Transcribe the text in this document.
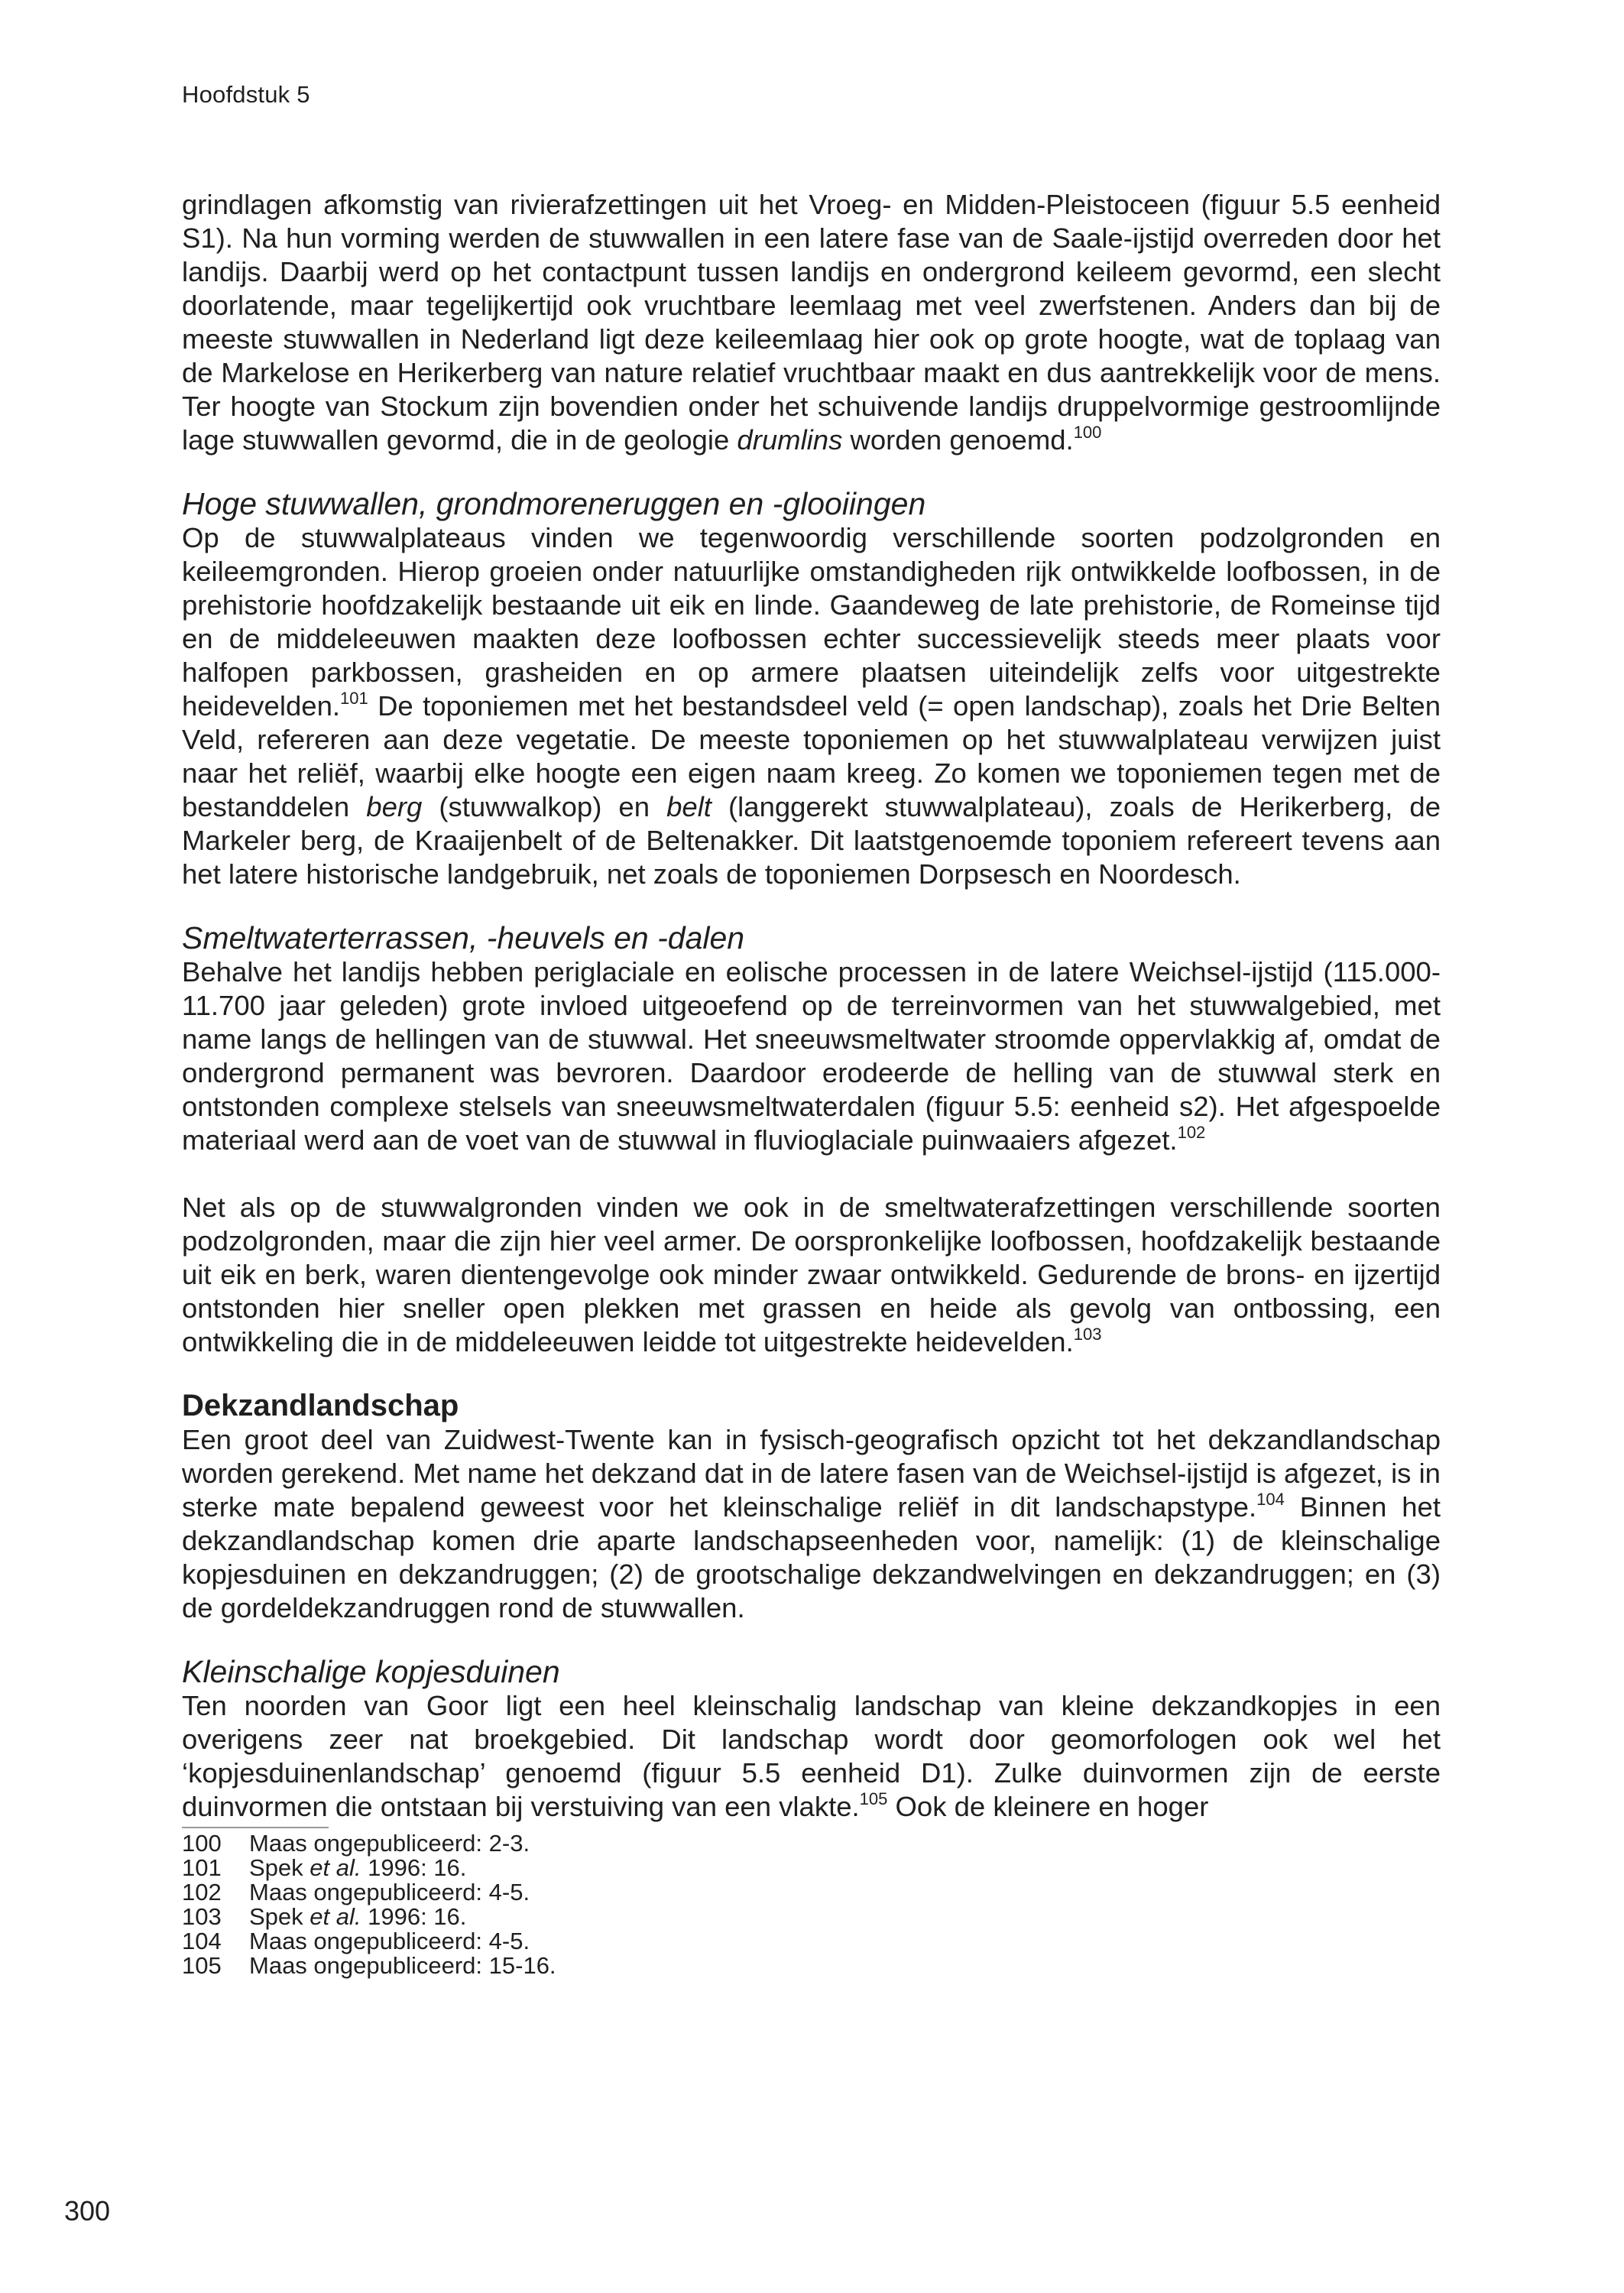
Hoofdstuk 5

grindlagen afkomstig van rivierafzettingen uit het Vroeg- en Midden-Pleistoceen (figuur 5.5 eenheid S1). Na hun vorming werden de stuwwallen in een latere fase van de Saale-ijstijd overreden door het landijs. Daarbij werd op het contactpunt tussen landijs en ondergrond keileem gevormd, een slecht doorlatende, maar tegelijkertijd ook vruchtbare leemlaag met veel zwerfstenen. Anders dan bij de meeste stuwwallen in Nederland ligt deze keileemlaag hier ook op grote hoogte, wat de toplaag van de Markelose en Herikerberg van nature relatief vruchtbaar maakt en dus aantrekkelijk voor de mens. Ter hoogte van Stockum zijn bovendien onder het schuivende landijs druppelvormige gestroomlijnde lage stuwwallen gevormd, die in de geologie drumlins worden genoemd.$^{100}$

Hoge stuwwallen, grondmoreneruggen en -glooiingen

Op de stuwwalplateaus vinden we tegenwoordig verschillende soorten podzolgronden en keileemgronden. Hierop groeien onder natuurlijke omstandigheden rijk ontwikkelde loofbossen, in de prehistorie hoofdzakelijk bestaande uit eik en linde. Gaandeweg de late prehistorie, de Romeinse tijd en de middeleeuwen maakten deze loofbossen echter successievelijk steeds meer plaats voor halfopen parkbossen, grasheiden en op armere plaatsen uiteindelijk zelfs voor uitgestrekte heidevelden.$^{101}$ De toponiemen met het bestandsdeel veld (= open landschap), zoals het Drie Belten Veld, refereren aan deze vegetatie. De meeste toponiemen op het stuwwalplateau verwijzen juist naar het reliëf, waarbij elke hoogte een eigen naam kreeg. Zo komen we toponiemen tegen met de bestanddelen berg (stuwwalkop) en belt (langgerekt stuwwalplateau), zoals de Herikerberg, de Markeler berg, de Kraaijenbelt of de Beltenakker. Dit laatstgenoemde toponiem refereert tevens aan het latere historische landgebruik, net zoals de toponiemen Dorpsesch en Noordesch.

Smeltwaterterrassen, -heuvels en -dalen

Behalve het landijs hebben periglaciale en eolische processen in de latere Weichsel-ijstijd (115.000-11.700 jaar geleden) grote invloed uitgeoefend op de terreinvormen van het stuwwalgebied, met name langs de hellingen van de stuwwal. Het sneeuwsmeltwater stroomde oppervlakkig af, omdat de ondergrond permanent was bevroren. Daardoor erodeerde de helling van de stuwwal sterk en ontstonden complexe stelsels van sneeuwsmeltwaterdalen (figuur 5.5: eenheid s2). Het afgespoelde materiaal werd aan de voet van de stuwwal in fluvioglaciale puinwaaiers afgezet.$^{102}$

Net als op de stuwwalgronden vinden we ook in de smeltwaterafzettingen verschillende soorten podzolgronden, maar die zijn hier veel armer. De oorspronkelijke loofbossen, hoofdzakelijk bestaande uit eik en berk, waren dientengevolge ook minder zwaar ontwikkeld. Gedurende de brons- en ijzertijd ontstonden hier sneller open plekken met grassen en heide als gevolg van ontbossing, een ontwikkeling die in de middeleeuwen leidde tot uitgestrekte heidevelden.$^{103}$

Dekzandlandschap

Een groot deel van Zuidwest-Twente kan in fysisch-geografisch opzicht tot het dekzandlandschap worden gerekend. Met name het dekzand dat in de latere fasen van de Weichsel-ijstijd is afgezet, is in sterke mate bepalend geweest voor het kleinschalige reliëf in dit landschapstype.$^{104}$ Binnen het dekzandlandschap komen drie aparte landschapseenheden voor, namelijk: (1) de kleinschalige kopjesduinen en dekzandruggen; (2) de grootschalige dekzandwelvingen en dekzandruggen; en (3) de gordeldekzandruggen rond de stuwwallen.

Kleinschalige kopjesduinen

Ten noorden van Goor ligt een heel kleinschalig landschap van kleine dekzandkopjes in een overigens zeer nat broekgebied. Dit landschap wordt door geomorfologen ook wel het ‘kopjesduinenlandschap’ genoemd (figuur 5.5 eenheid D1). Zulke duinvormen zijn de eerste duinvormen die ontstaan bij verstuiving van een vlakte.$^{105}$ Ook de kleinere en hoger

100	Maas ongepubliceerd: 2-3.
101	Spek et al. 1996: 16.
102	Maas ongepubliceerd: 4-5.
103	Spek et al. 1996: 16.
104	Maas ongepubliceerd: 4-5.
105	Maas ongepubliceerd: 15-16.
300
